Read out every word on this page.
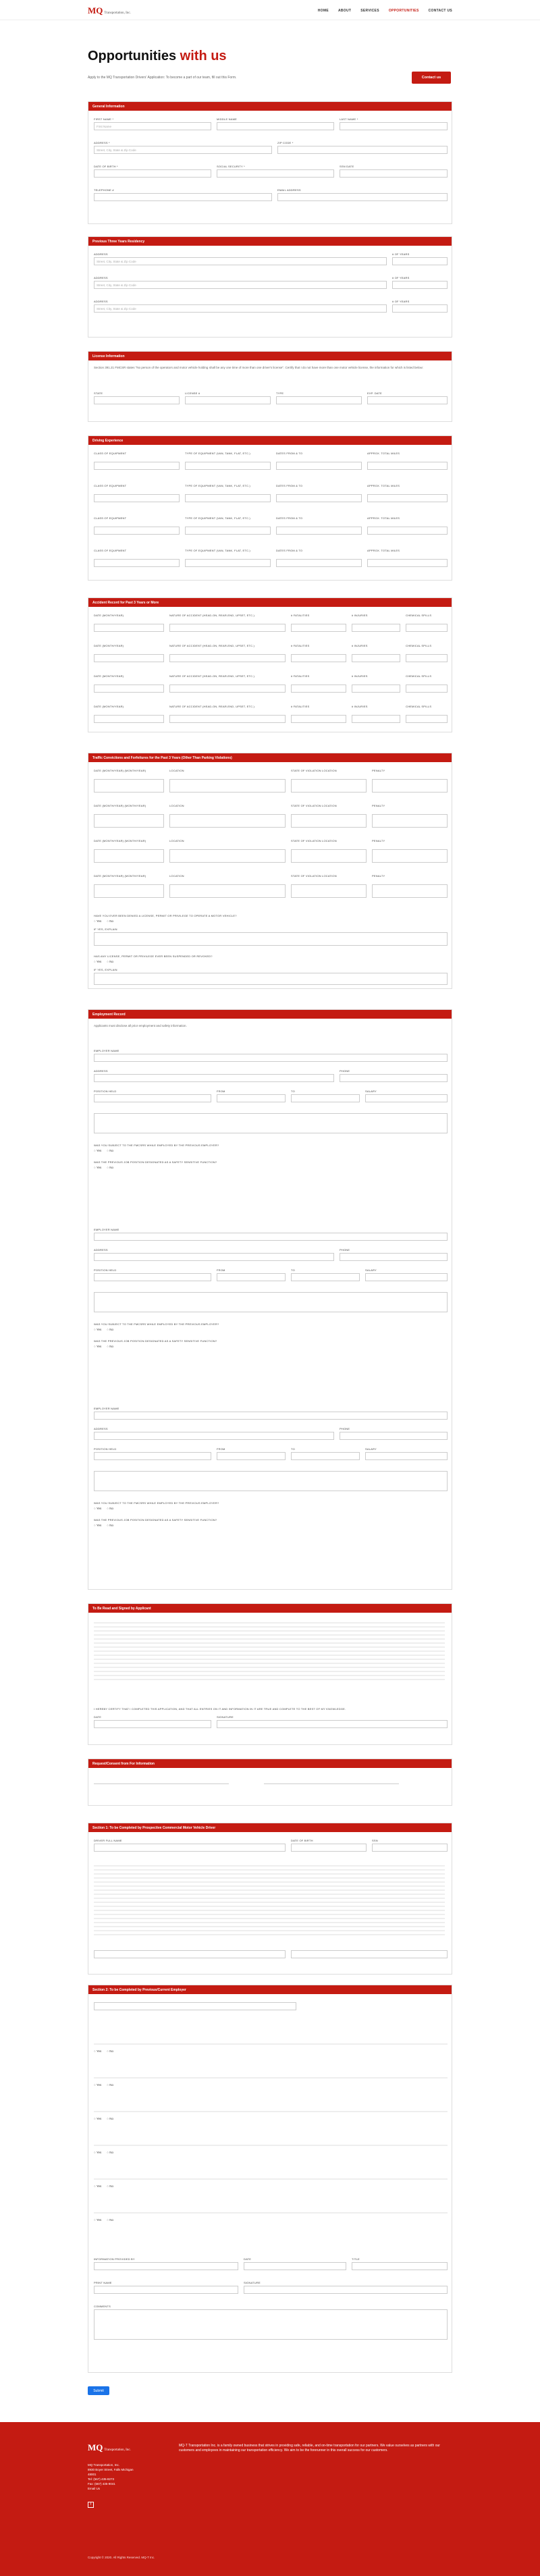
MQ Transportation, Inc.
HOME	ABOUT	SERVICES	OPPORTUNITIES	CONTACT US
Opportunities with us
Apply to the MQ Transportation Drivers' Application: To become a part of our team, fill out this Form.	Contact us
General Information
FIRST NAME *	MIDDLE NAME	LAST NAME *
First Name
ADDRESS *	ZIP CODE *
Street, City, State & Zip Code
DATE OF BIRTH *	SOCIAL SECURITY *	SSN DATE
TELEPHONE #	EMAIL ADDRESS
Previous Three Years Residency
ADDRESS	# OF YEARS
Street, City, State & Zip Code
ADDRESS	# OF YEARS
Street, City, State & Zip Code
ADDRESS	# OF YEARS
Street, City, State & Zip Code
License Information
Section 391.21 FMCSR states "No person of the operators and motor vehicle holding shall be any one time of more than one driver's license". Certify that I do not have more than one motor vehicle license, the information for which is listed below:
STATE	LICENSE #	TYPE	EXP. DATE
Driving Experience
CLASS OF EQUIPMENT	TYPE OF EQUIPMENT (VAN, TANK, FLAT, ETC.)	DATES FROM & TO	APPROX. TOTAL MILES
CLASS OF EQUIPMENT	TYPE OF EQUIPMENT (VAN, TANK, FLAT, ETC.)	DATES FROM & TO	APPROX. TOTAL MILES
CLASS OF EQUIPMENT	TYPE OF EQUIPMENT (VAN, TANK, FLAT, ETC.)	DATES FROM & TO	APPROX. TOTAL MILES
CLASS OF EQUIPMENT	TYPE OF EQUIPMENT (VAN, TANK, FLAT, ETC.)	DATES FROM & TO	APPROX. TOTAL MILES
Accident Record for Past 3 Years or More
DATE (MONTH/YEAR)	NATURE OF ACCIDENT (HEAD-ON, REAR-END, UPSET, ETC.)	# FATALITIES	# INJURIES	CHEMICAL SPILLS
DATE (MONTH/YEAR)	NATURE OF ACCIDENT (HEAD-ON, REAR-END, UPSET, ETC.)	# FATALITIES	# INJURIES	CHEMICAL SPILLS
DATE (MONTH/YEAR)	NATURE OF ACCIDENT (HEAD-ON, REAR-END, UPSET, ETC.)	# FATALITIES	# INJURIES	CHEMICAL SPILLS
DATE (MONTH/YEAR)	NATURE OF ACCIDENT (HEAD-ON, REAR-END, UPSET, ETC.)	# FATALITIES	# INJURIES	CHEMICAL SPILLS
Traffic Convictions and Forfeitures for the Past 3 Years (Other Than Parking Violations)
HAVE YOU EVER BEEN DENIED A LICENSE, PERMIT OR PRIVILEGE TO OPERATE A MOTOR VEHICLE?
○ Yes	○ No
IF YES, EXPLAIN
HAS ANY LICENSE, PERMIT OR PRIVILEGE EVER BEEN SUSPENDED OR REVOKED?
○ Yes	○ No
IF YES, EXPLAIN
DATE (MONTH/YEAR) (MONTH/YEAR)	LOCATION	STATE OF VIOLATION LOCATION	PENALTY
DATE (MONTH/YEAR) (MONTH/YEAR)	LOCATION	STATE OF VIOLATION LOCATION	PENALTY
DATE (MONTH/YEAR) (MONTH/YEAR)	LOCATION	STATE OF VIOLATION LOCATION	PENALTY
DATE (MONTH/YEAR) (MONTH/YEAR)	LOCATION	STATE OF VIOLATION LOCATION	PENALTY
Employment Record
Applicants must disclose all prior employment and safety information.
EMPLOYER NAME
ADDRESS	PHONE
POSITION HELD	FROM	TO	SALARY
WAS YOU SUBJECT TO THE FMCSRS WHILE EMPLOYED BY THE PREVIOUS EMPLOYER?
○ Yes	○ No
WAS THE PREVIOUS JOB POSITION DESIGNATED AS A SAFETY SENSITIVE FUNCTION?
○ Yes	○ No
EMPLOYER NAME
ADDRESS	PHONE
POSITION HELD	FROM	TO	SALARY
WAS YOU SUBJECT TO THE FMCSRS WHILE EMPLOYED BY THE PREVIOUS EMPLOYER?
○ Yes	○ No
WAS THE PREVIOUS JOB POSITION DESIGNATED AS A SAFETY SENSITIVE FUNCTION?
○ Yes	○ No
EMPLOYER NAME
ADDRESS	PHONE
POSITION HELD	FROM	TO	SALARY
WAS YOU SUBJECT TO THE FMCSRS WHILE EMPLOYED BY THE PREVIOUS EMPLOYER?
○ Yes	○ No
WAS THE PREVIOUS JOB POSITION DESIGNATED AS A SAFETY SENSITIVE FUNCTION?
○ Yes	○ No
To Be Read and Signed by Applicant
I HEREBY CERTIFY THAT I COMPLETED THIS APPLICATION, AND THAT ALL ENTRIES ON IT AND INFORMATION IN IT ARE TRUE AND COMPLETE TO THE BEST OF MY KNOWLEDGE.
DATE	SIGNATURE
Request/Consent from For Information
Section 1: To be Completed by Prospective Commercial Motor Vehicle Driver
DRIVER FULL NAME	DATE OF BIRTH	SSN
Section 2: To be Completed by Previous/Current Employer
INFORMATION PROVIDED BY	DATE	TITLE
PRINT NAME	SIGNATURE
COMMENTS
○ Yes	○ No
○ Yes	○ No
○ Yes	○ No
○ Yes	○ No
○ Yes	○ No
○ Yes	○ No
Submit
MQ Transportation, Inc.
MQ Transportation, Inc.
8930 Boyer Street, Falls Michigan
48001
Tel: (567) 435-8273
Fax: (567) 435-9041
Email Us
f
MQ-T Transportation Inc. is a family owned business that strives in providing safe, reliable, and on-time transportation for our partners. We value ourselves as partners with our customers and employees in maintaining our transportation efficiency. We aim to be the forerunner in this overall success for our customers.
Copyright © 2020. All Rights Reserved. MQ-T Inc.
